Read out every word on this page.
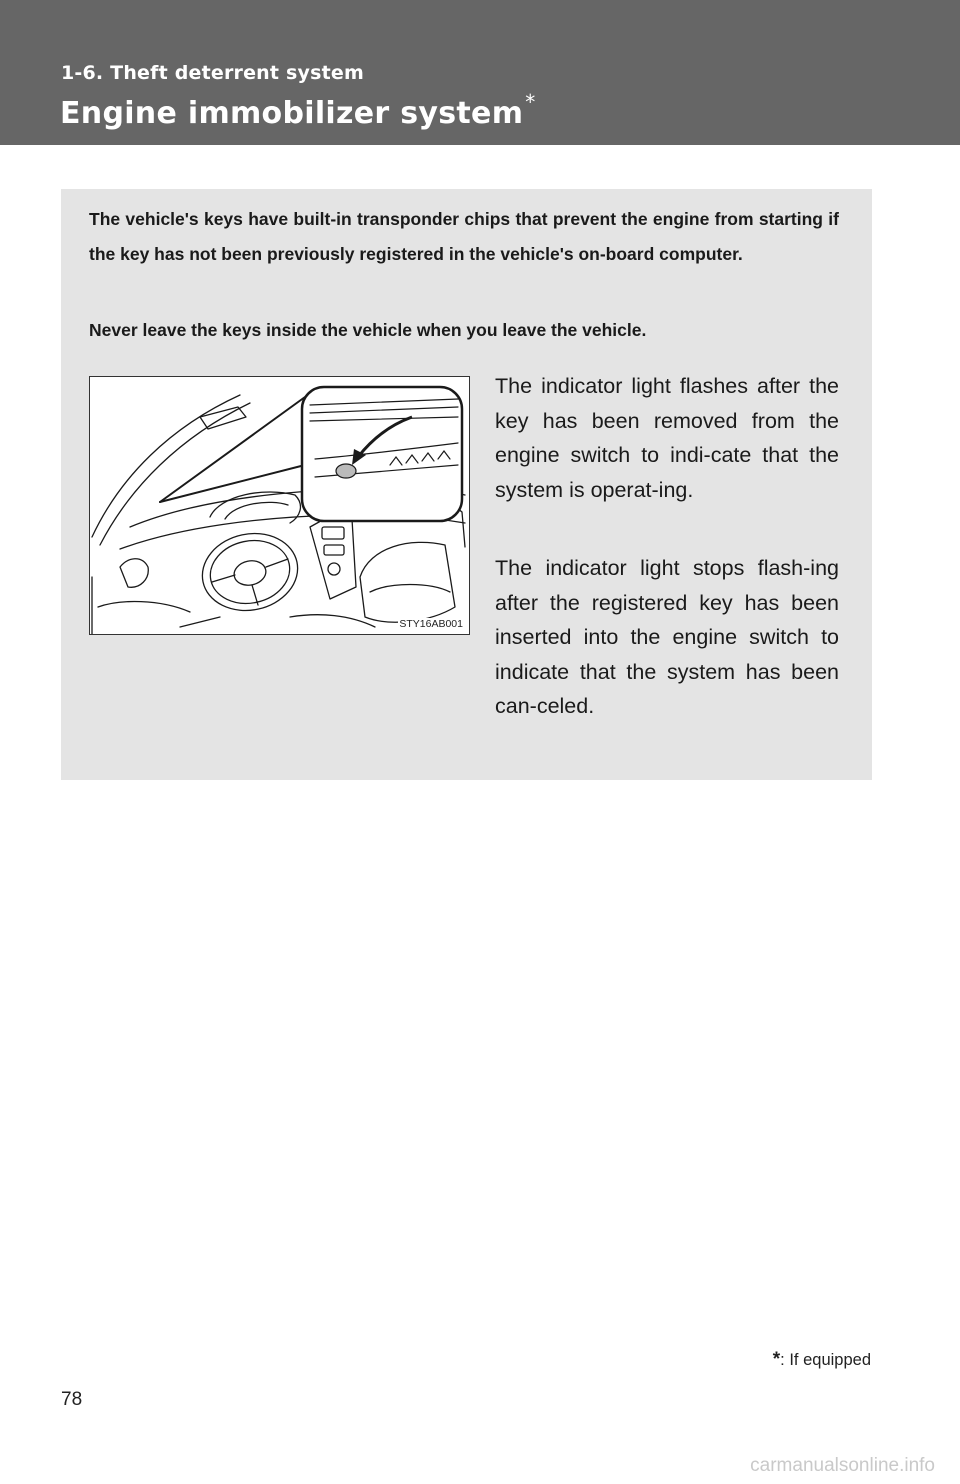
1-6. Theft deterrent system
Engine immobilizer system *

The vehicle's keys have built-in transponder chips that prevent the engine from starting if the key has not been previously registered in the vehicle's on-board computer.

Never leave the keys inside the vehicle when you leave the vehicle.

STY16AB001

The indicator light flashes after the key has been removed from the engine switch to indi-cate that the system is operat-ing.

The indicator light stops flash-ing after the registered key has been inserted into the engine switch to indicate that the system has been can-celed.

*: If equipped
78
carmanualsonline.info
